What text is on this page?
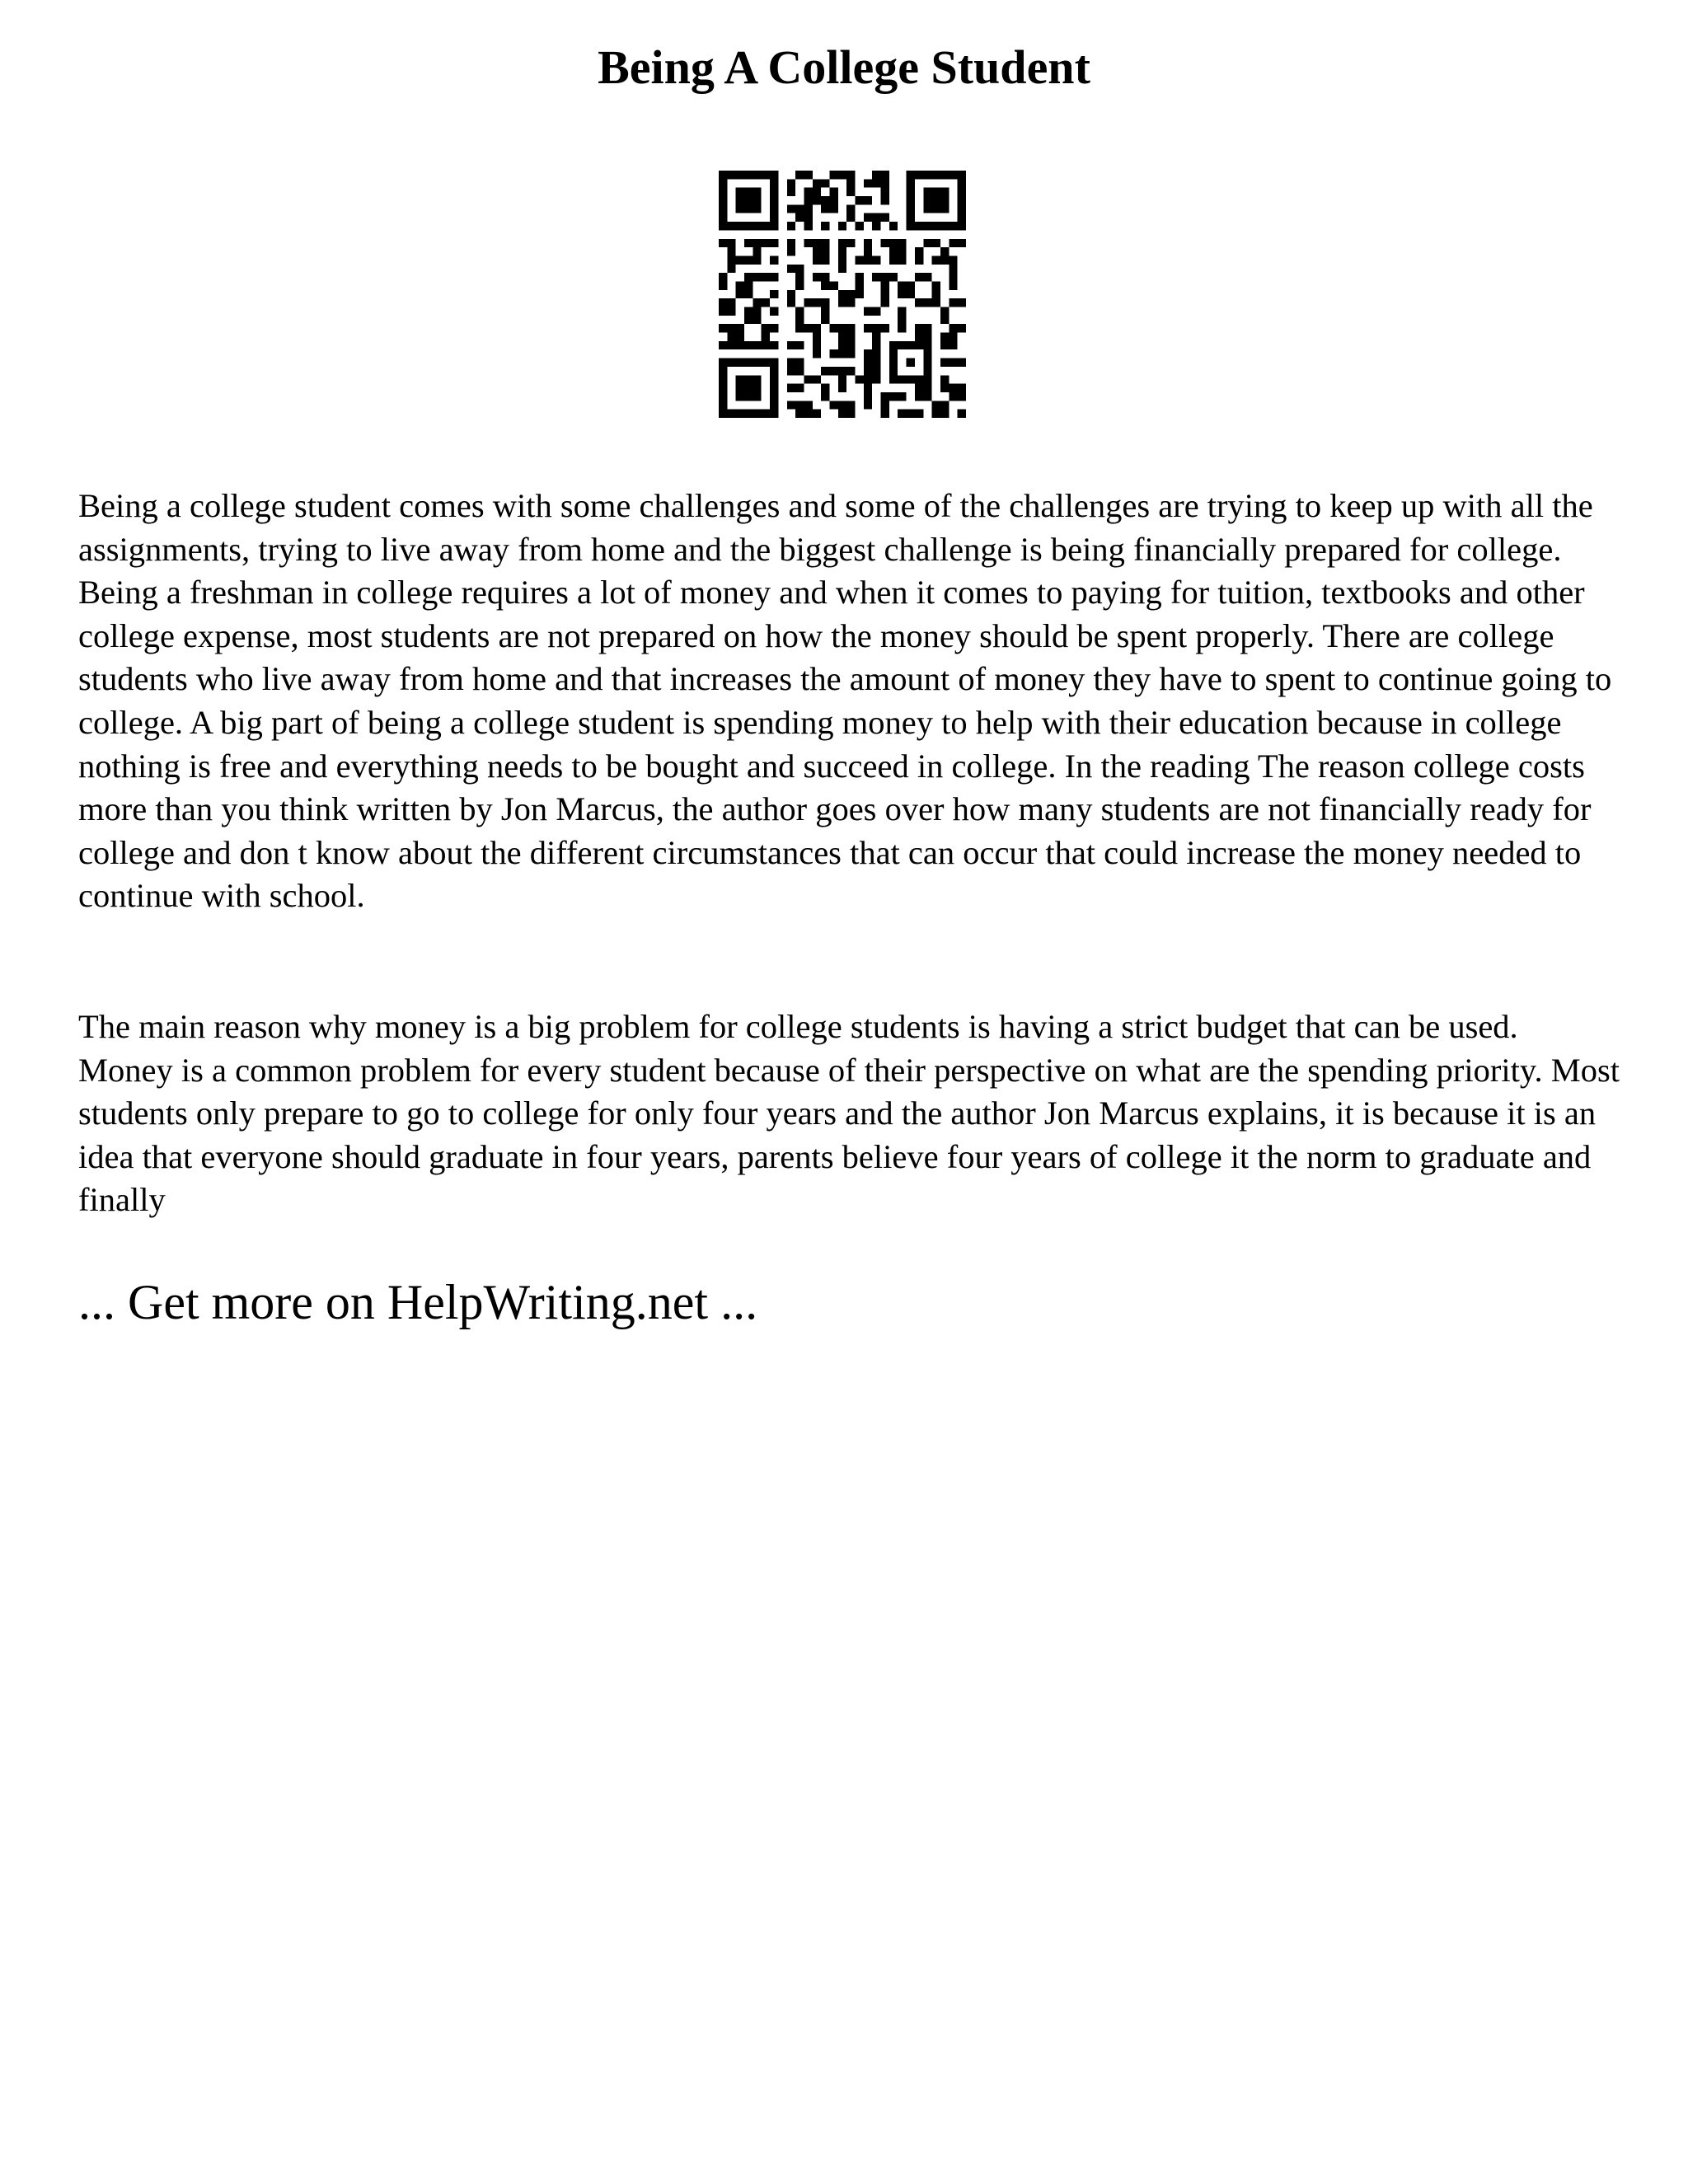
Being A College Student

Being a college student comes with some challenges and some of the challenges are trying to keep up with all the assignments, trying to live away from home and the biggest challenge is being financially prepared for college. Being a freshman in college requires a lot of money and when it comes to paying for tuition, textbooks and other college expense, most students are not prepared on how the money should be spent properly. There are college students who live away from home and that increases the amount of money they have to spent to continue going to college. A big part of being a college student is spending money to help with their education because in college nothing is free and everything needs to be bought and succeed in college. In the reading The reason college costs more than you think written by Jon Marcus, the author goes over how many students are not financially ready for college and don t know about the different circumstances that can occur that could increase the money needed to continue with school.

The main reason why money is a big problem for college students is having a strict budget that can be used. Money is a common problem for every student because of their perspective on what are the spending priority. Most students only prepare to go to college for only four years and the author Jon Marcus explains, it is because it is an idea that everyone should graduate in four years, parents believe four years of college it the norm to graduate and finally

... Get more on HelpWriting.net ...
